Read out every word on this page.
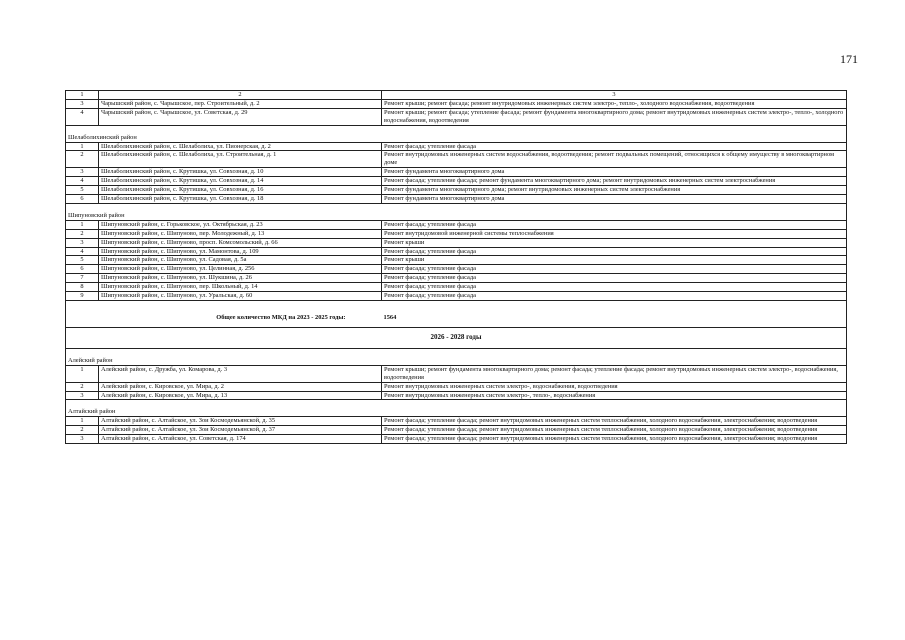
171
1	2	3
3	Чарышский район, с. Чарышское, пер. Строительный, д. 2	Ремонт крыши; ремонт фасада; ремонт внутридомовых инженерных систем электро-, тепло-, холодного водоснабжения, водоотведения
4	Чарышский район, с. Чарышское, ул. Советская, д. 29	Ремонт крыши; ремонт фасада; утепление фасада; ремонт фундамента многоквартирного дома; ремонт внутридомовых инженерных систем электро-, тепло-, холодного водоснабжения, водоотведения

Шелаболихинский район		
1	Шелаболихинский район, с. Шелаболиха, ул. Пионерская, д. 2	Ремонт фасада; утепление фасада
2	Шелаболихинский район, с. Шелаболиха, ул. Строительная, д. 1	Ремонт внутридомовых инженерных систем водоснабжения, водоотведения; ремонт подвальных помещений, относящихся к общему имуществу в многоквартирном доме
3	Шелаболихинский район, с. Крутишка, ул. Совхозная, д. 10	Ремонт фундамента многоквартирного дома
4	Шелаболихинский район, с. Крутишка, ул. Совхозная, д. 14	Ремонт фасада; утепление фасада; ремонт фундамента многоквартирного дома; ремонт внутридомовых инженерных систем электроснабжения
5	Шелаболихинский район, с. Крутишка, ул. Совхозная, д. 16	Ремонт фундамента многоквартирного дома; ремонт внутридомовых инженерных систем электроснабжения
6	Шелаболихинский район, с. Крутишка, ул. Совхозная, д. 18	Ремонт фундамента многоквартирного дома

Шипуновский район		
1	Шипуновский район, с. Горьковское, ул. Октябрьская, д. 23	Ремонт фасада; утепление фасада
2	Шипуновский район, с. Шипуново, пер. Молодежный, д. 13	Ремонт внутридомовой инженерной системы теплоснабжения
3	Шипуновский район, с. Шипуново, просп. Комсомольский, д. 66	Ремонт крыши
4	Шипуновский район, с. Шипуново, ул. Мамонтова, д. 109	Ремонт фасада; утепление фасада
5	Шипуновский район, с. Шипуново, ул. Садовая, д. 5а	Ремонт крыши
6	Шипуновский район, с. Шипуново, ул. Целинная, д. 256	Ремонт фасада; утепление фасада
7	Шипуновский район, с. Шипуново, ул. Шукшина, д. 26	Ремонт фасада; утепление фасада
8	Шипуновский район, с. Шипуново, пер. Школьный, д. 14	Ремонт фасада; утепление фасада
9	Шипуновский район, с. Шипуново, ул. Уральская, д. 60	Ремонт фасада; утепление фасада

	Общее количество МКД на 2023 - 2025 годы:	1564
2026 - 2028 годы		

Алейский район		
1	Алейский район, с. Дружба, ул. Комарова, д. 3	Ремонт крыши; ремонт фундамента многоквартирного дома; ремонт фасада; утепление фасада; ремонт внутридомовых инженерных систем электро-, водоснабжения, водоотведения
2	Алейский район, с. Кировское, ул. Мира, д. 2	Ремонт внутридомовых инженерных систем электро-, водоснабжения, водоотведения
3	Алейский район, с. Кировское, ул. Мира, д. 13	Ремонт внутридомовых инженерных систем электро-, тепло-, водоснабжения

Алтайский район		
1	Алтайский район, с. Алтайское, ул. Зои Космодемьянской, д. 35	Ремонт фасада; утепление фасада; ремонт внутридомовых инженерных систем теплоснабжения, холодного водоснабжения, электроснабжения; водоотведения
2	Алтайский район, с. Алтайское, ул. Зои Космодемьянской, д. 37	Ремонт фасада; утепление фасада; ремонт внутридомовых инженерных систем теплоснабжения, холодного водоснабжения, электроснабжения; водоотведения
3	Алтайский район, с. Алтайское, ул. Советская, д. 174	Ремонт фасада; утепление фасада; ремонт внутридомовых инженерных систем теплоснабжения, холодного водоснабжения, электроснабжения; водоотведения
